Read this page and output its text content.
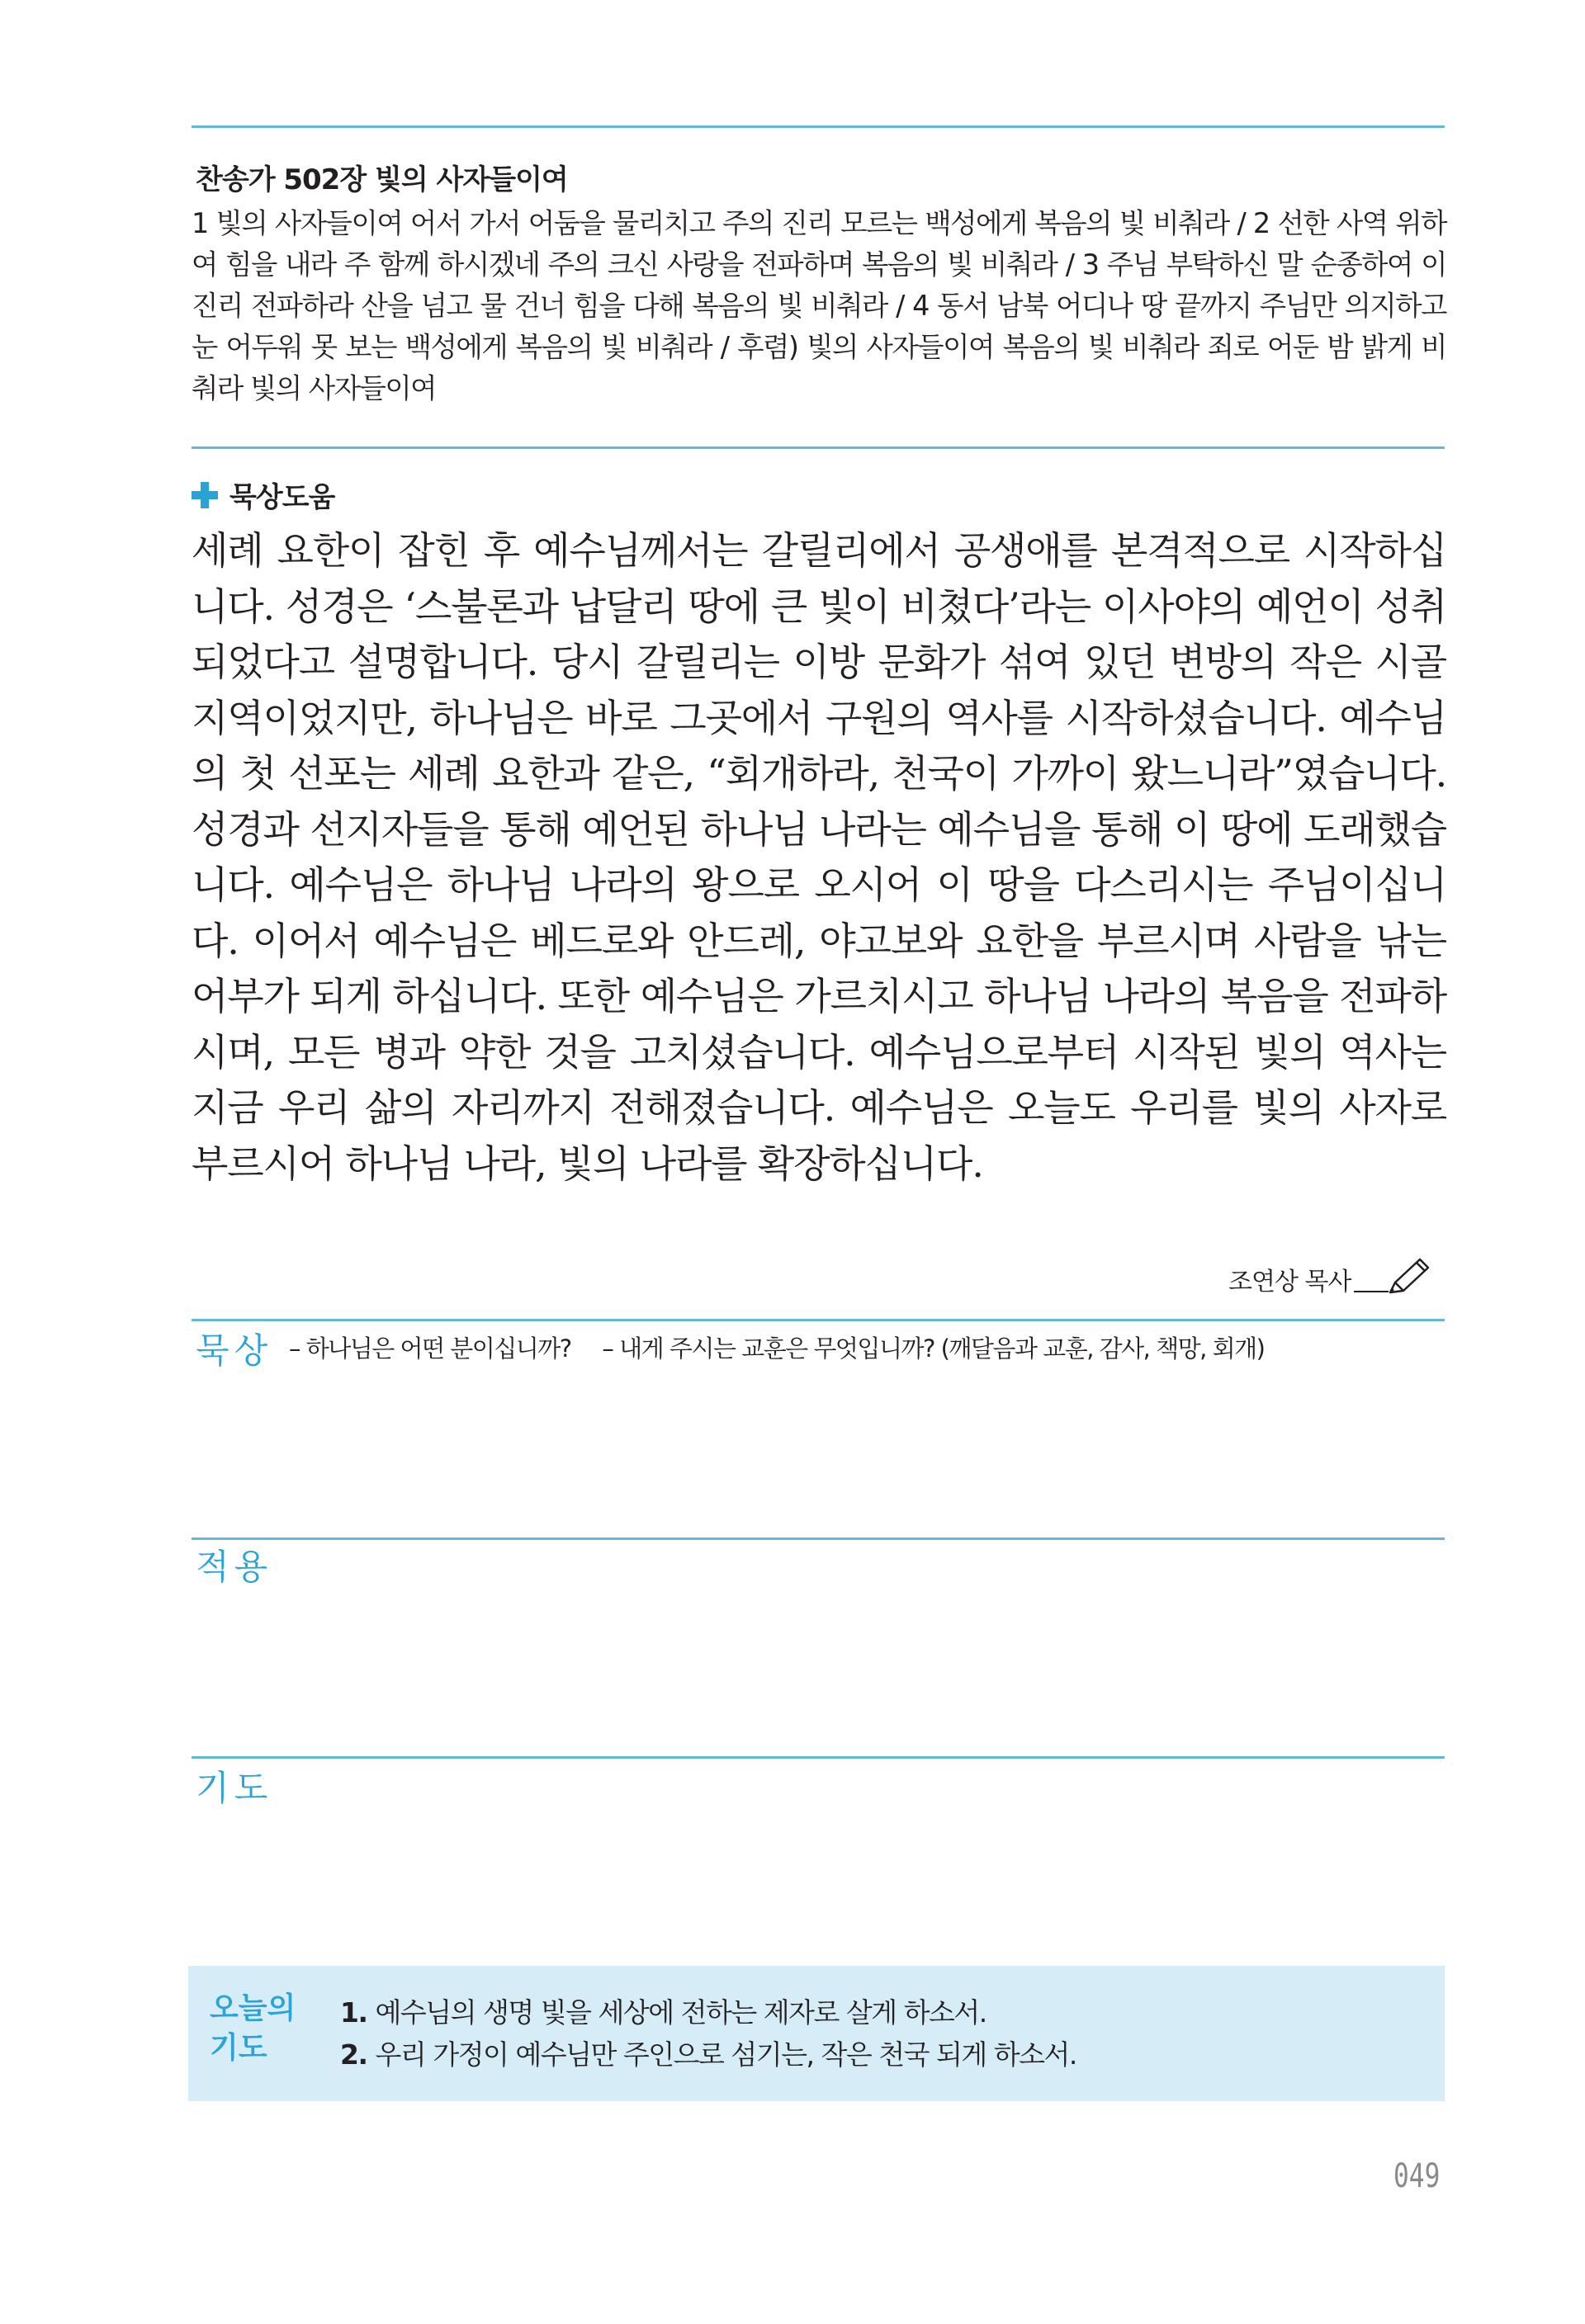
찬송가 502장 빛의 사자들이여
1 빛의 사자들이여 어서 가서 어둠을 물리치고 주의 진리 모르는 백성에게 복음의 빛 비춰라 / 2 선한 사역 위하여 힘을 내라 주 함께 하시겠네 주의 크신 사랑을 전파하며 복음의 빛 비춰라 / 3 주님 부탁하신 말 순종하여 이 진리 전파하라 산을 넘고 물 건너 힘을 다해 복음의 빛 비춰라 / 4 동서 남북 어디나 땅 끝까지 주님만 의지하고 눈 어두워 못 보는 백성에게 복음의 빛 비춰라 / 후렴) 빛의 사자들이여 복음의 빛 비춰라 죄로 어둔 밤 밝게 비춰라 빛의 사자들이여
묵상도움
세례 요한이 잡힌 후 예수님께서는 갈릴리에서 공생애를 본격적으로 시작하십니다. 성경은 ‘스불론과 납달리 땅에 큰 빛이 비쳤다’라는 이사야의 예언이 성취되었다고 설명합니다. 당시 갈릴리는 이방 문화가 섞여 있던 변방의 작은 시골 지역이었지만, 하나님은 바로 그곳에서 구원의 역사를 시작하셨습니다. 예수님의 첫 선포는 세례 요한과 같은, “회개하라, 천국이 가까이 왔느니라”였습니다. 성경과 선지자들을 통해 예언된 하나님 나라는 예수님을 통해 이 땅에 도래했습니다. 예수님은 하나님 나라의 왕으로 오시어 이 땅을 다스리시는 주님이십니다. 이어서 예수님은 베드로와 안드레, 야고보와 요한을 부르시며 사람을 낚는 어부가 되게 하십니다. 또한 예수님은 가르치시고 하나님 나라의 복음을 전파하시며, 모든 병과 약한 것을 고치셨습니다. 예수님으로부터 시작된 빛의 역사는 지금 우리 삶의 자리까지 전해졌습니다. 예수님은 오늘도 우리를 빛의 사자로 부르시어 하나님 나라, 빛의 나라를 확장하십니다.
조연상 목사
묵상 – 하나님은 어떤 분이십니까? – 내게 주시는 교훈은 무엇입니까? (깨달음과 교훈, 감사, 책망, 회개)
적용
기도
오늘의
기도
1. 예수님의 생명 빛을 세상에 전하는 제자로 살게 하소서.
2. 우리 가정이 예수님만 주인으로 섬기는, 작은 천국 되게 하소서.
049
